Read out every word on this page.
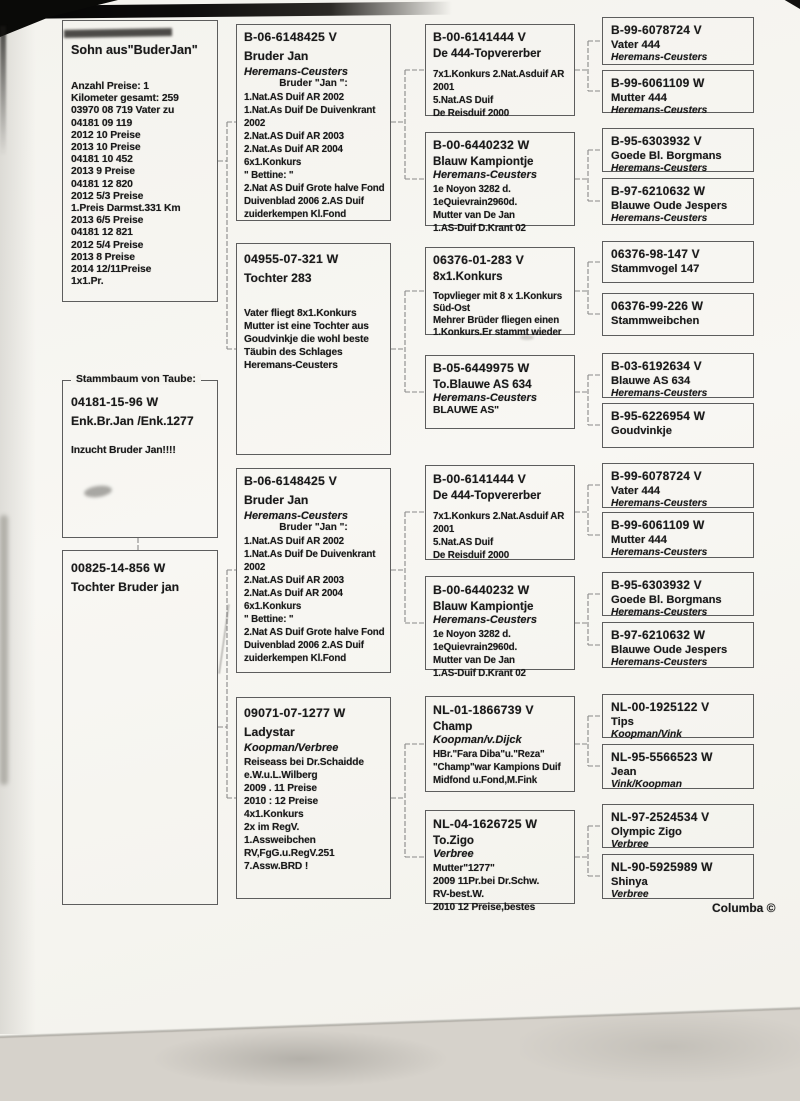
Sohn aus"BuderJan"
Anzahl Preise: 1
Kilometer gesamt: 259
03970 08 719 Vater zu
04181 09 119
2012 10 Preise
2013 10 Preise
04181 10 452
2013 9 Preise
04181 12 820
2012 5/3 Preise
1.Preis Darmst.331 Km
2013 6/5 Preise
04181 12 821
2012 5/4 Preise
2013 8 Preise
2014 12/11Preise
1x1.Pr.
Stammbaum von Taube:
04181-15-96 W
Enk.Br.Jan /Enk.1277
Inzucht Bruder Jan!!!!
00825-14-856 W
Tochter Bruder jan
B-06-6148425 V
Bruder Jan
Heremans-Ceusters
Bruder "Jan ":
1.Nat.AS Duif AR 2002
1.Nat.As Duif De Duivenkrant
2002
2.Nat.AS Duif AR 2003
2.Nat.As Duif AR 2004
6x1.Konkurs
" Bettine: "
2.Nat AS Duif Grote halve Fond
Duivenblad 2006 2.AS Duif
zuiderkempen Kl.Fond
04955-07-321 W
Tochter 283
Vater fliegt 8x1.Konkurs
Mutter ist eine Tochter aus
Goudvinkje die wohl beste
Täubin des Schlages
Heremans-Ceusters
B-06-6148425 V
Bruder Jan
Heremans-Ceusters
Bruder "Jan ":
1.Nat.AS Duif AR 2002
1.Nat.As Duif De Duivenkrant
2002
2.Nat.AS Duif AR 2003
2.Nat.As Duif AR 2004
6x1.Konkurs
" Bettine: "
2.Nat AS Duif Grote halve Fond
Duivenblad 2006 2.AS Duif
zuiderkempen Kl.Fond
09071-07-1277 W
Ladystar
Koopman/Verbree
Reiseass bei Dr.Schaidde
e.W.u.L.Wilberg
2009 . 11 Preise
2010 : 12 Preise
4x1.Konkurs
2x im RegV.
1.Assweibchen
RV,FgG.u.RegV.251
7.Assw.BRD !
B-00-6141444 V
De 444-Topvererber
7x1.Konkurs 2.Nat.Asduif AR
2001
5.Nat.AS Duif
De Reisduif 2000
B-00-6440232 W
Blauw Kampiontje
Heremans-Ceusters
1e Noyon 3282 d.
1eQuievrain2960d.
Mutter van De Jan
1.AS-Duif D.Krant 02
06376-01-283 V
8x1.Konkurs
Topvlieger mit 8 x 1.Konkurs
Süd-Ost
Mehrer Brüder fliegen einen
1.Konkurs.Er stammt wieder
B-05-6449975 W
To.Blauwe AS 634
Heremans-Ceusters
BLAUWE AS"
B-00-6141444 V
De 444-Topvererber
7x1.Konkurs 2.Nat.Asduif AR
2001
5.Nat.AS Duif
De Reisduif 2000
B-00-6440232 W
Blauw Kampiontje
Heremans-Ceusters
1e Noyon 3282 d.
1eQuievrain2960d.
Mutter van De Jan
1.AS-Duif D.Krant 02
NL-01-1866739 V
Champ
Koopman/v.Dijck
HBr."Fara Diba"u."Reza"
"Champ"war Kampions Duif
Midfond u.Fond,M.Fink
NL-04-1626725 W
To.Zigo
Verbree
Mutter"1277"
2009 11Pr.bei Dr.Schw.
RV-best.W.
2010 12 Preise,bestes
B-99-6078724 V
Vater 444
Heremans-Ceusters
B-99-6061109 W
Mutter 444
Heremans-Ceusters
B-95-6303932 V
Goede Bl. Borgmans
Heremans-Ceusters
B-97-6210632 W
Blauwe Oude Jespers
Heremans-Ceusters
06376-98-147 V
Stammvogel 147
06376-99-226 W
Stammweibchen
B-03-6192634 V
Blauwe AS 634
Heremans-Ceusters
B-95-6226954 W
Goudvinkje
B-99-6078724 V
Vater 444
Heremans-Ceusters
B-99-6061109 W
Mutter 444
Heremans-Ceusters
B-95-6303932 V
Goede Bl. Borgmans
Heremans-Ceusters
B-97-6210632 W
Blauwe Oude Jespers
Heremans-Ceusters
NL-00-1925122 V
Tips
Koopman/Vink
NL-95-5566523 W
Jean
Vink/Koopman
NL-97-2524534 V
Olympic Zigo
Verbree
NL-90-5925989 W
Shinya
Verbree
Columba ©
